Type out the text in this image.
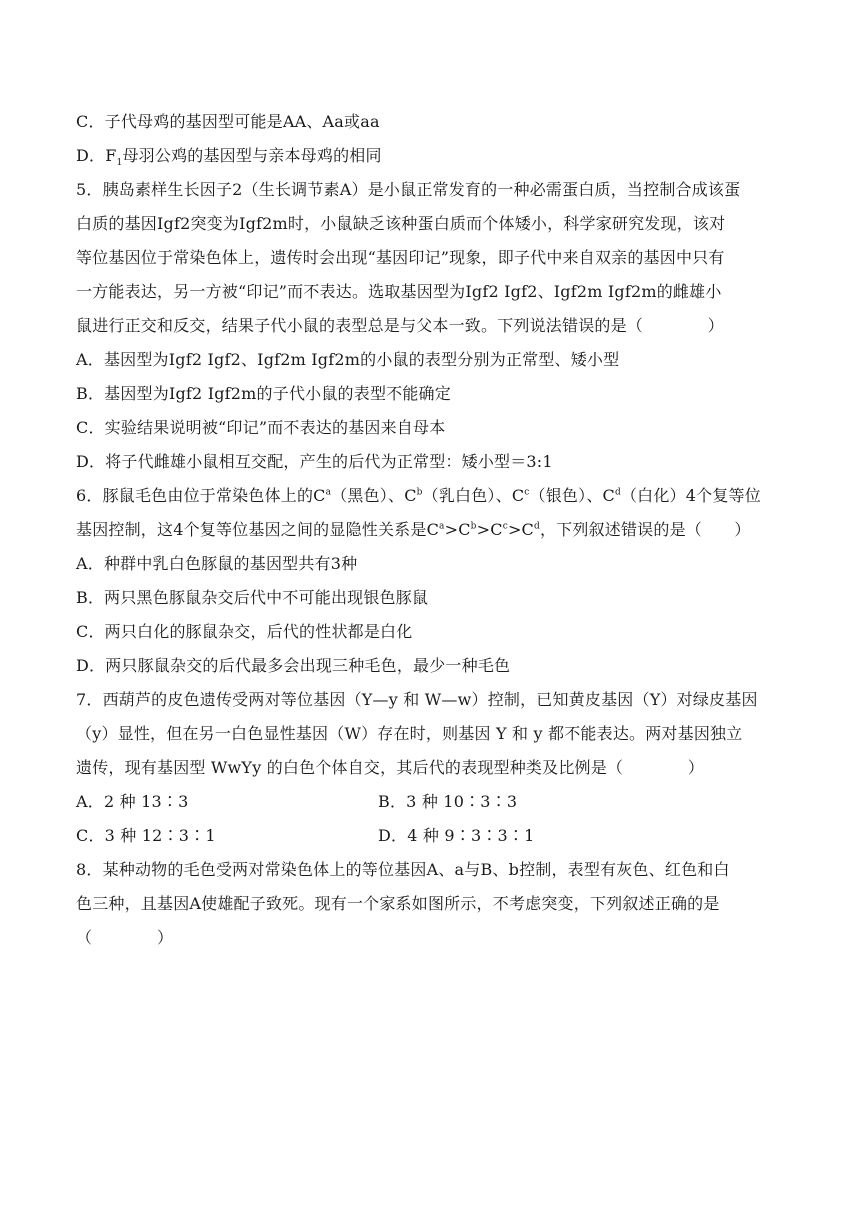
C．子代母鸡的基因型可能是AA、Aa或aa
D．$F_1$母羽公鸡的基因型与亲本母鸡的相同
5．胰岛素样生长因子2（生长调节素A）是小鼠正常发育的一种必需蛋白质，当控制合成该蛋
白质的基因Igf2突变为Igf2m时，小鼠缺乏该种蛋白质而个体矮小，科学家研究发现，该对
等位基因位于常染色体上，遗传时会出现“基因印记”现象，即子代中来自双亲的基因中只有
一方能表达，另一方被“印记”而不表达。选取基因型为Igf2 Igf2、Igf2m Igf2m的雌雄小
鼠进行正交和反交，结果子代小鼠的表型总是与父本一致。下列说法错误的是（　　　　）
A．基因型为Igf2 Igf2、Igf2m Igf2m的小鼠的表型分别为正常型、矮小型
B．基因型为Igf2 Igf2m的子代小鼠的表型不能确定
C．实验结果说明被“印记”而不表达的基因来自母本
D．将子代雌雄小鼠相互交配，产生的后代为正常型：矮小型＝3:1
6．豚鼠毛色由位于常染色体上的$C^a$（黑色）、$C^b$（乳白色）、$C^c$（银色）、$C^d$（白化）4个复等位
基因控制，这4个复等位基因之间的显隐性关系是$C^a>C^b>C^c>C^d$，下列叙述错误的是（　　）
A．种群中乳白色豚鼠的基因型共有3种
B．两只黑色豚鼠杂交后代中不可能出现银色豚鼠
C．两只白化的豚鼠杂交，后代的性状都是白化
D．两只豚鼠杂交的后代最多会出现三种毛色，最少一种毛色
7．西葫芦的皮色遗传受两对等位基因（Y—y 和 W—w）控制，已知黄皮基因（Y）对绿皮基因
（y）显性，但在另一白色显性基因（W）存在时，则基因 Y 和 y 都不能表达。两对基因独立
遗传，现有基因型 WwYy 的白色个体自交，其后代的表现型种类及比例是（　　　　）
A．2 种 13∶3	B．3 种 10∶3∶3
C．3 种 12∶3∶1	D．4 种 9∶3∶3∶1
8．某种动物的毛色受两对常染色体上的等位基因A、a与B、b控制，表型有灰色、红色和白
色三种，且基因A使雄配子致死。现有一个家系如图所示，不考虑突变，下列叙述正确的是
（　　　　）
